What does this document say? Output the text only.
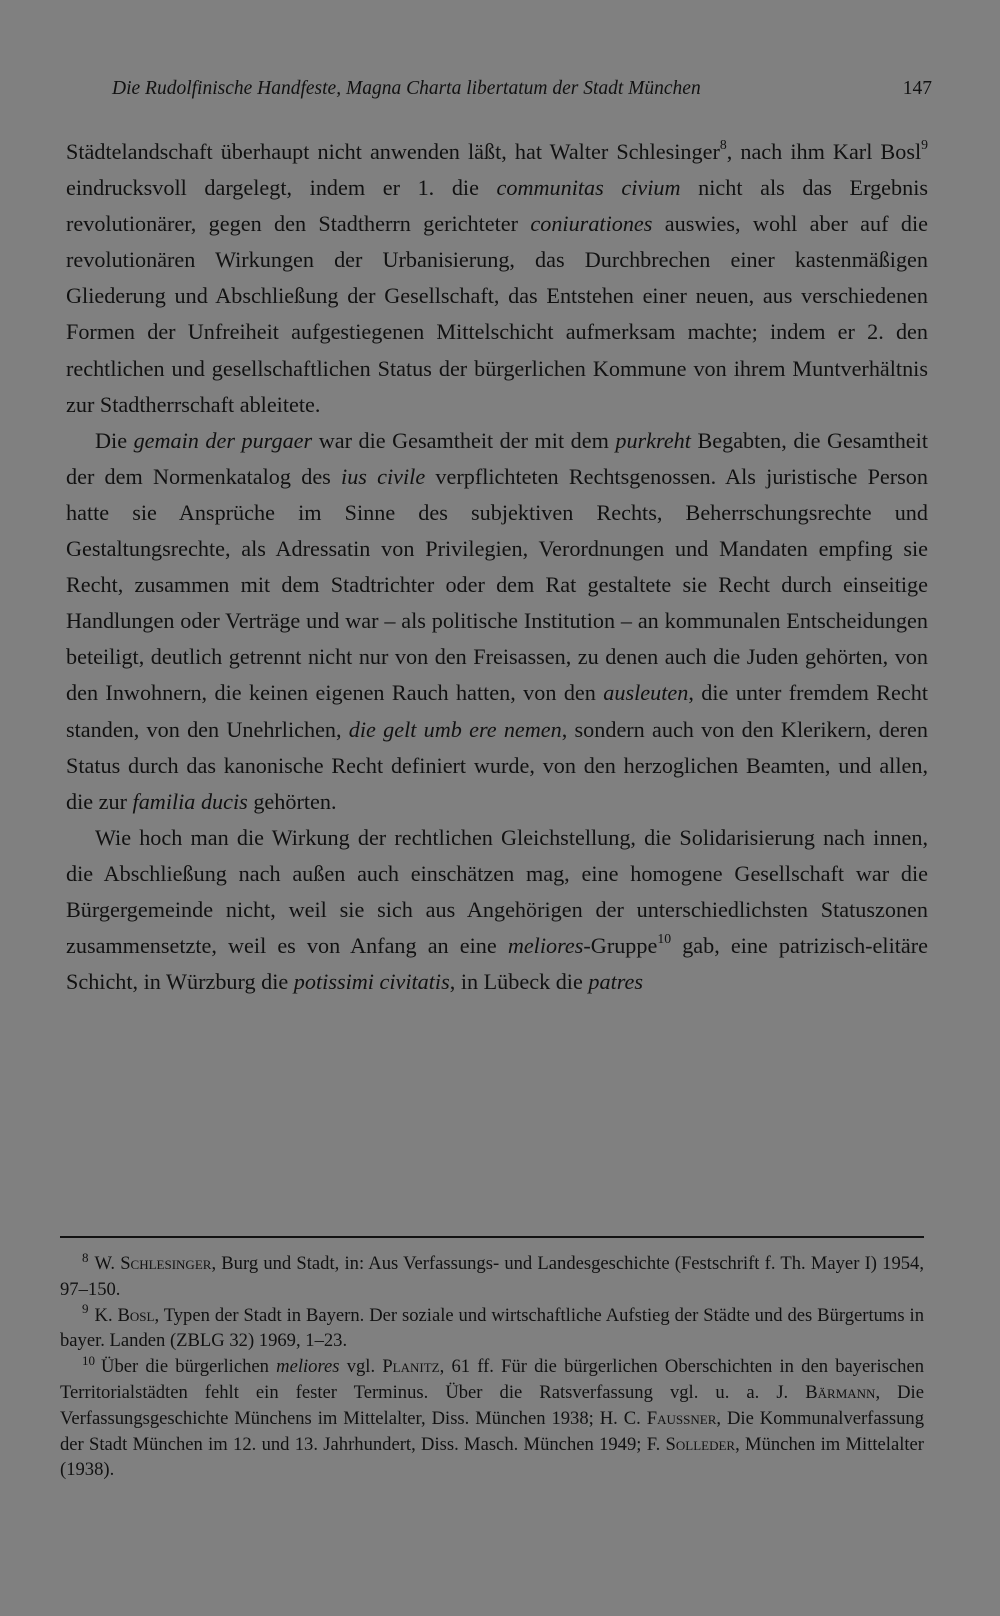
Die Rudolfinische Handfeste, Magna Charta libertatum der Stadt München	147

Städtelandschaft überhaupt nicht anwenden läßt, hat Walter Schlesinger$^8$, nach ihm Karl Bosl$^9$ eindrucksvoll dargelegt, indem er 1. die communitas civium nicht als das Ergebnis revolutionärer, gegen den Stadtherrn gerichteter coniurationes auswies, wohl aber auf die revolutionären Wirkungen der Urbanisierung, das Durchbrechen einer kastenmäßigen Gliederung und Abschließung der Gesellschaft, das Entstehen einer neuen, aus verschiedenen Formen der Unfreiheit aufgestiegenen Mittelschicht aufmerksam machte; indem er 2. den rechtlichen und gesellschaftlichen Status der bürgerlichen Kommune von ihrem Muntverhältnis zur Stadtherrschaft ableitete.

Die gemain der purgaer war die Gesamtheit der mit dem purkreht Begabten, die Gesamtheit der dem Normenkatalog des ius civile verpflichteten Rechtsgenossen. Als juristische Person hatte sie Ansprüche im Sinne des subjektiven Rechts, Beherrschungsrechte und Gestaltungsrechte, als Adressatin von Privilegien, Verordnungen und Mandaten empfing sie Recht, zusammen mit dem Stadtrichter oder dem Rat gestaltete sie Recht durch einseitige Handlungen oder Verträge und war – als politische Institution – an kommunalen Entscheidungen beteiligt, deutlich getrennt nicht nur von den Freisassen, zu denen auch die Juden gehörten, von den Inwohnern, die keinen eigenen Rauch hatten, von den ausleuten, die unter fremdem Recht standen, von den Unehrlichen, die gelt umb ere nemen, sondern auch von den Klerikern, deren Status durch das kanonische Recht definiert wurde, von den herzoglichen Beamten, und allen, die zur familia ducis gehörten.

Wie hoch man die Wirkung der rechtlichen Gleichstellung, die Solidarisierung nach innen, die Abschließung nach außen auch einschätzen mag, eine homogene Gesellschaft war die Bürgergemeinde nicht, weil sie sich aus Angehörigen der unterschiedlichsten Statuszonen zusammensetzte, weil es von Anfang an eine meliores-Gruppe$^{10}$ gab, eine patrizisch-elitäre Schicht, in Würzburg die potissimi civitatis, in Lübeck die patres

$^8$ W. Schlesinger, Burg und Stadt, in: Aus Verfassungs- und Landesgeschichte (Festschrift f. Th. Mayer I) 1954, 97–150.

$^9$ K. Bosl, Typen der Stadt in Bayern. Der soziale und wirtschaftliche Aufstieg der Städte und des Bürgertums in bayer. Landen (ZBLG 32) 1969, 1–23.

$^{10}$ Über die bürgerlichen meliores vgl. Planitz, 61 ff. Für die bürgerlichen Oberschichten in den bayerischen Territorialstädten fehlt ein fester Terminus. Über die Ratsverfassung vgl. u. a. J. Bärmann, Die Verfassungsgeschichte Münchens im Mittelalter, Diss. München 1938; H. C. Faussner, Die Kommunalverfassung der Stadt München im 12. und 13. Jahrhundert, Diss. Masch. München 1949; F. Solleder, München im Mittelalter (1938).
